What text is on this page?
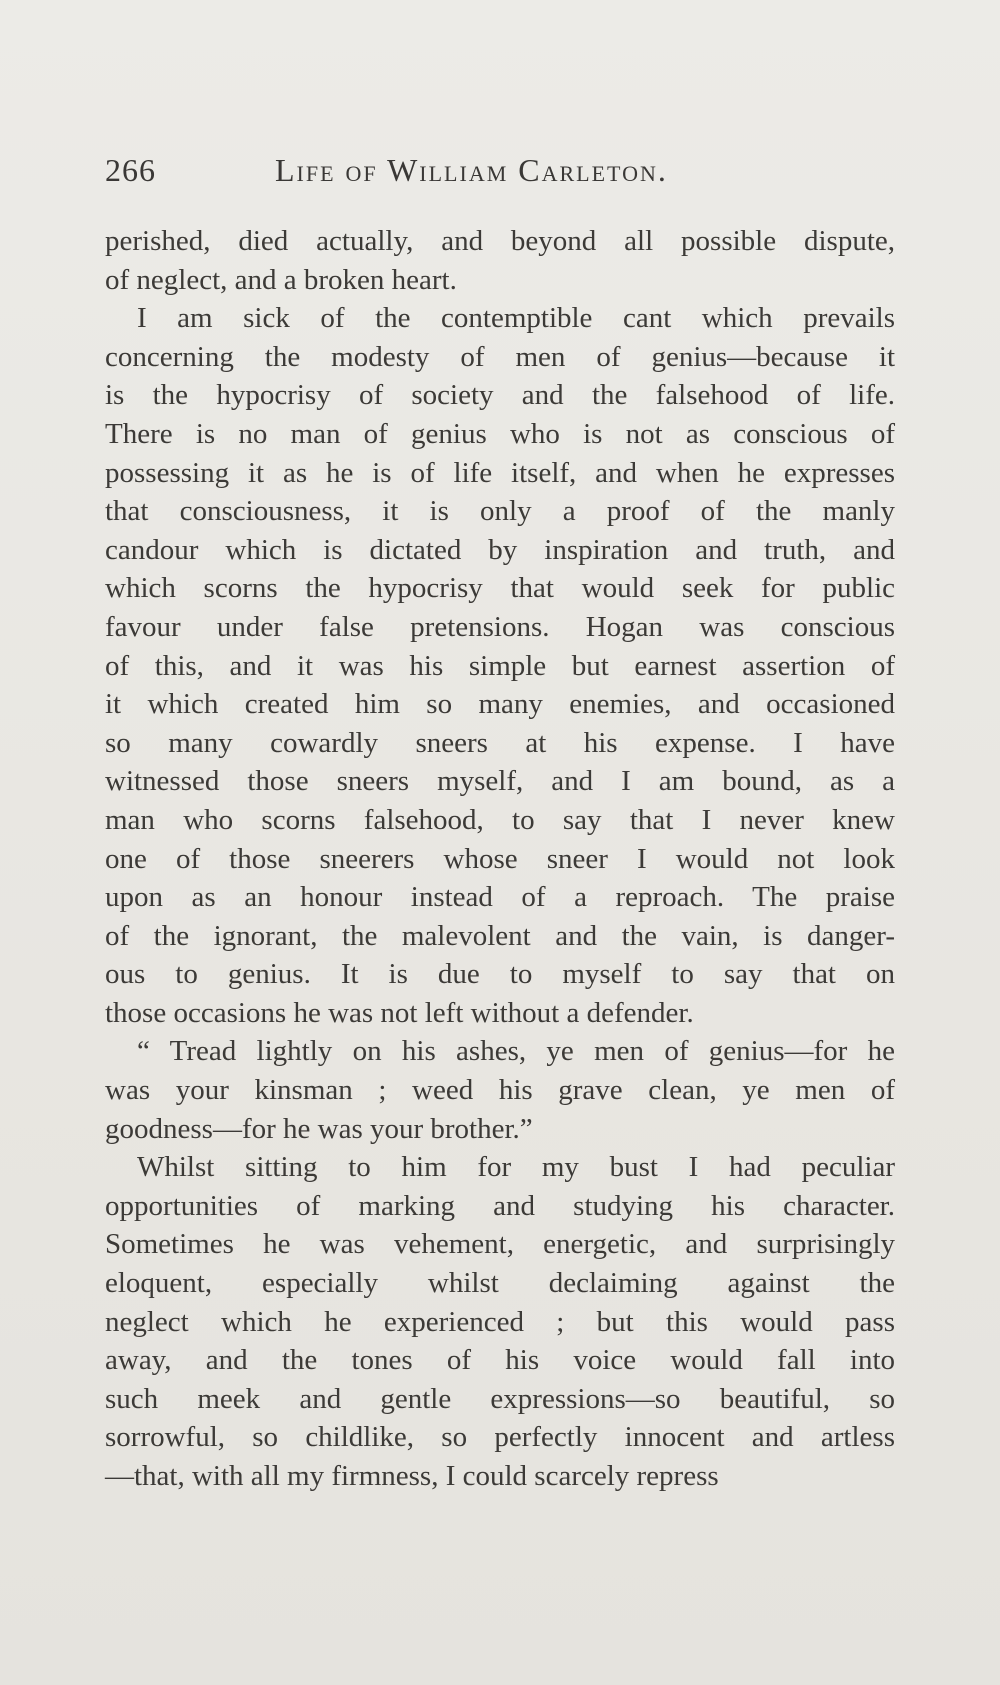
266	Life of William Carleton.
perished, died actually, and beyond all possible dispute,
of neglect, and a broken heart.
I am sick of the contemptible cant which prevails
concerning the modesty of men of genius—because it
is the hypocrisy of society and the falsehood of life.
There is no man of genius who is not as conscious of
possessing it as he is of life itself, and when he expresses
that consciousness, it is only a proof of the manly
candour which is dictated by inspiration and truth, and
which scorns the hypocrisy that would seek for public
favour under false pretensions. Hogan was conscious
of this, and it was his simple but earnest assertion of
it which created him so many enemies, and occasioned
so many cowardly sneers at his expense. I have
witnessed those sneers myself, and I am bound, as a
man who scorns falsehood, to say that I never knew
one of those sneerers whose sneer I would not look
upon as an honour instead of a reproach. The praise
of the ignorant, the malevolent and the vain, is danger-
ous to genius. It is due to myself to say that on
those occasions he was not left without a defender.
“ Tread lightly on his ashes, ye men of genius—for he
was your kinsman ; weed his grave clean, ye men of
goodness—for he was your brother.”
Whilst sitting to him for my bust I had peculiar
opportunities of marking and studying his character.
Sometimes he was vehement, energetic, and surprisingly
eloquent, especially whilst declaiming against the
neglect which he experienced ; but this would pass
away, and the tones of his voice would fall into
such meek and gentle expressions—so beautiful, so
sorrowful, so childlike, so perfectly innocent and artless
—that, with all my firmness, I could scarcely repress
